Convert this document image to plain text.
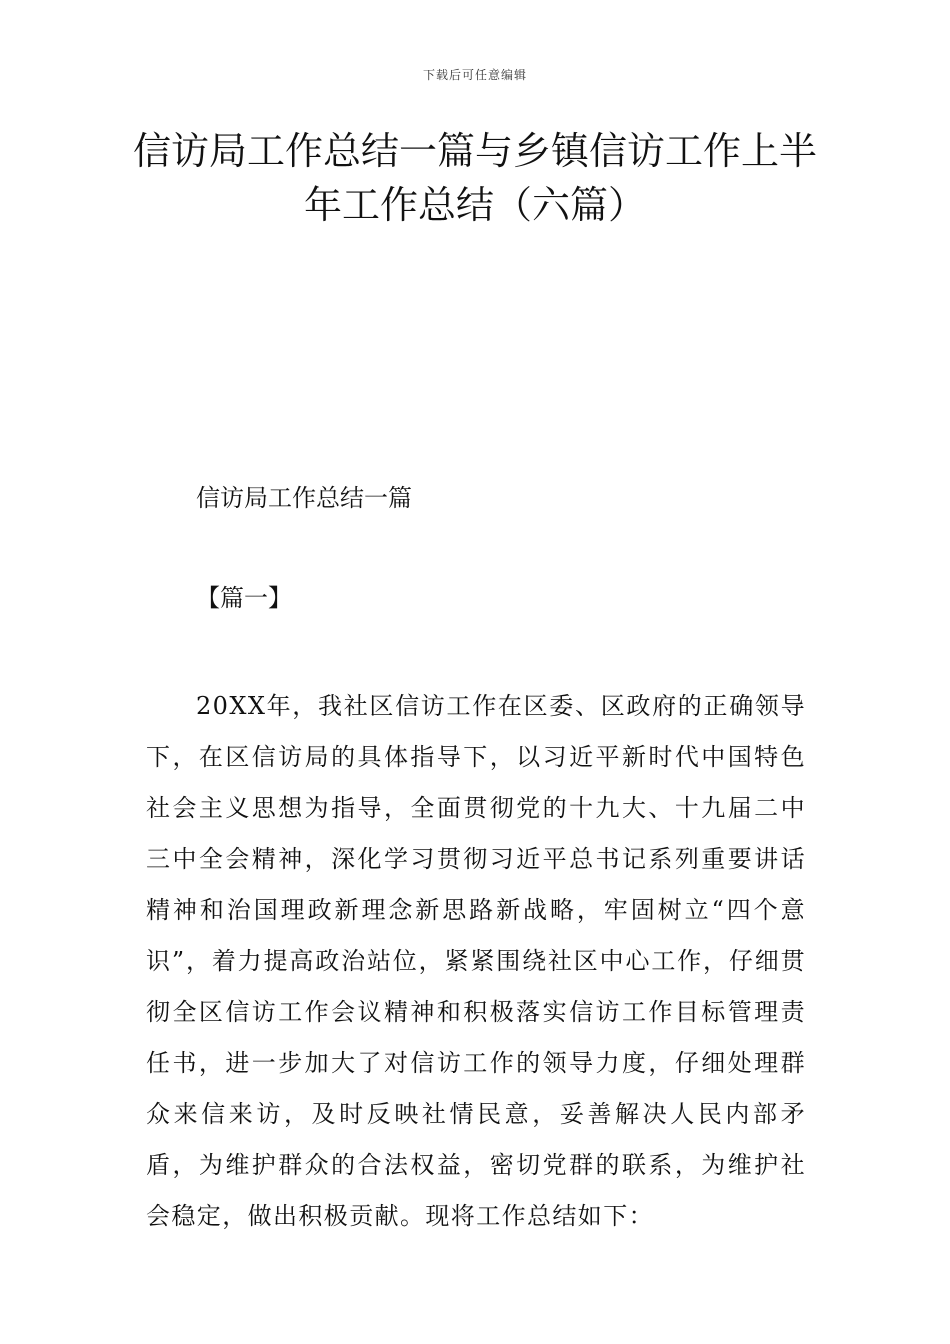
下载后可任意编辑
信访局工作总结一篇与乡镇信访工作上半年工作总结（六篇）
信访局工作总结一篇
【篇一】

20XX年，我社区信访工作在区委、区政府的正确领导下，在区信访局的具体指导下，以习近平新时代中国特色社会主义思想为指导，全面贯彻党的十九大、十九届二中三中全会精神，深化学习贯彻习近平总书记系列重要讲话精神和治国理政新理念新思路新战略，牢固树立“四个意识”，着力提高政治站位，紧紧围绕社区中心工作，仔细贯彻全区信访工作会议精神和积极落实信访工作目标管理责任书，进一步加大了对信访工作的领导力度，仔细处理群众来信来访，及时反映社情民意，妥善解决人民内部矛盾，为维护群众的合法权益，密切党群的联系，为维护社会稳定，做出积极贡献。现将工作总结如下：
